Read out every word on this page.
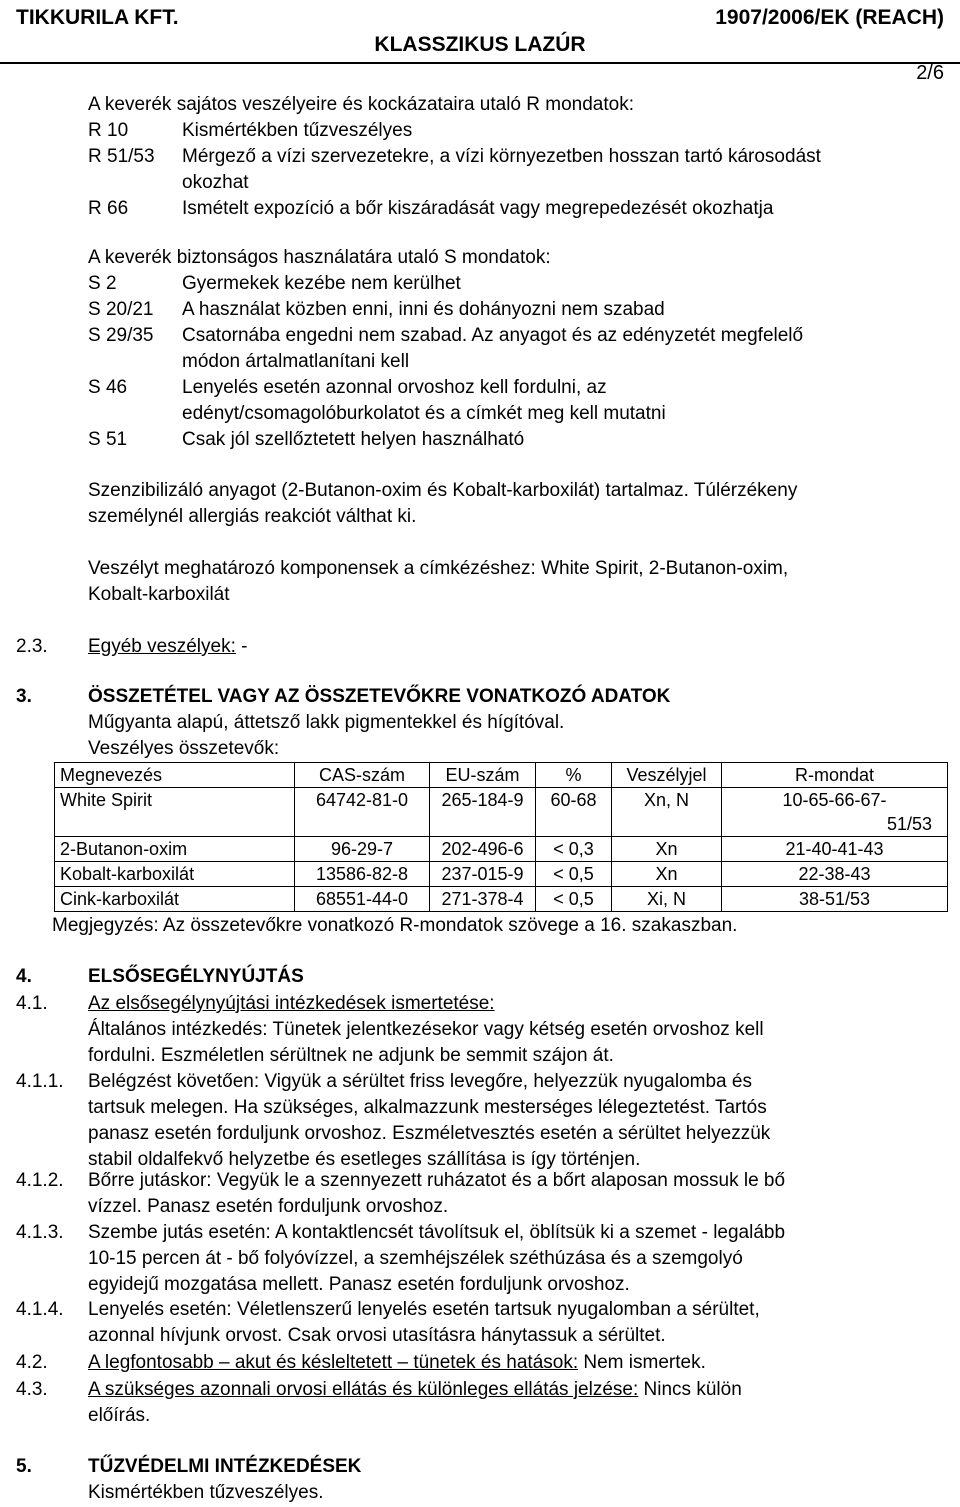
TIKKURILA KFT.
KLASSZIKUS LAZÚR
1907/2006/EK (REACH)
2/6
A keverék sajátos veszélyeire és kockázataira utaló R mondatok:
R 10	Kismértékben tűzveszélyes
R 51/53 Mérgező a vízi szervezetekre, a vízi környezetben hosszan tartó károsodást
okozhat
R 66	Ismételt expozíció a bőr kiszáradását vagy megrepedezését okozhatja
A keverék biztonságos használatára utaló S mondatok:
S 2	Gyermekek kezébe nem kerülhet
S 20/21 A használat közben enni, inni és dohányozni nem szabad
S 29/35 Csatornába engedni nem szabad. Az anyagot és az edényzetét megfelelő
módon ártalmatlanítani kell
S 46	Lenyelés esetén azonnal orvoshoz kell fordulni, az
edényt/csomagolóburkolatot és a címkét meg kell mutatni
S 51	Csak jól szellőztetett helyen használható
Szenzibilizáló anyagot (2-Butanon-oxim és Kobalt-karboxilát) tartalmaz. Túlérzékeny
személynél allergiás reakciót válthat ki.
Veszélyt meghatározó komponensek a címkézéshez: White Spirit, 2-Butanon-oxim,
Kobalt-karboxilát
2.3. Egyéb veszélyek: -
3.	ÖSSZETÉTEL VAGY AZ ÖSSZETEVŐKRE VONATKOZÓ ADATOK
Műgyanta alapú, áttetsző lakk pigmentekkel és hígítóval.
Veszélyes összetevők:
Megnevezés	CAS-szám	EU-szám	%	Veszélyjel	R-mondat
White Spirit	64742-81-0	265-184-9	60-68	Xn, N	10-65-66-67-
51/53

2-Butanon-oxim	96-29-7	202-496-6	< 0,3	Xn	21-40-41-43
Kobalt-karboxilát	13586-82-8	237-015-9	< 0,5	Xn	22-38-43
Cink-karboxilát	68551-44-0	271-378-4	< 0,5	Xi, N	38-51/53
Megjegyzés: Az összetevőkre vonatkozó R-mondatok szövege a 16. szakaszban.
4.	ELSŐSEGÉLYNYÚJTÁS
4.1. Az elsősegélynyújtási intézkedések ismertetése:
Általános intézkedés: Tünetek jelentkezésekor vagy kétség esetén orvoshoz kell
fordulni. Eszméletlen sérültnek ne adjunk be semmit szájon át.
4.1.1. Belégzést követően: Vigyük a sérültet friss levegőre, helyezzük nyugalomba és
tartsuk melegen. Ha szükséges, alkalmazzunk mesterséges lélegeztetést. Tartós
panasz esetén forduljunk orvoshoz. Eszméletvesztés esetén a sérültet helyezzük
stabil oldalfekvő helyzetbe és esetleges szállítása is így történjen.
4.1.2. Bőrre jutáskor: Vegyük le a szennyezett ruházatot és a bőrt alaposan mossuk le bő
vízzel. Panasz esetén forduljunk orvoshoz.
4.1.3. Szembe jutás esetén: A kontaktlencsét távolítsuk el, öblítsük ki a szemet - legalább
10-15 percen át - bő folyóvízzel, a szemhéjszélek széthúzása és a szemgolyó
egyidejű mozgatása mellett. Panasz esetén forduljunk orvoshoz.
4.1.4. Lenyelés esetén: Véletlenszerű lenyelés esetén tartsuk nyugalomban a sérültet,
azonnal hívjunk orvost. Csak orvosi utasításra hánytassuk a sérültet.
4.2. A legfontosabb – akut és késleltetett – tünetek és hatások: Nem ismertek.
4.3. A szükséges azonnali orvosi ellátás és különleges ellátás jelzése: Nincs külön
előírás.
5.	TŰZVÉDELMI INTÉZKEDÉSEK
Kismértékben tűzveszélyes.
